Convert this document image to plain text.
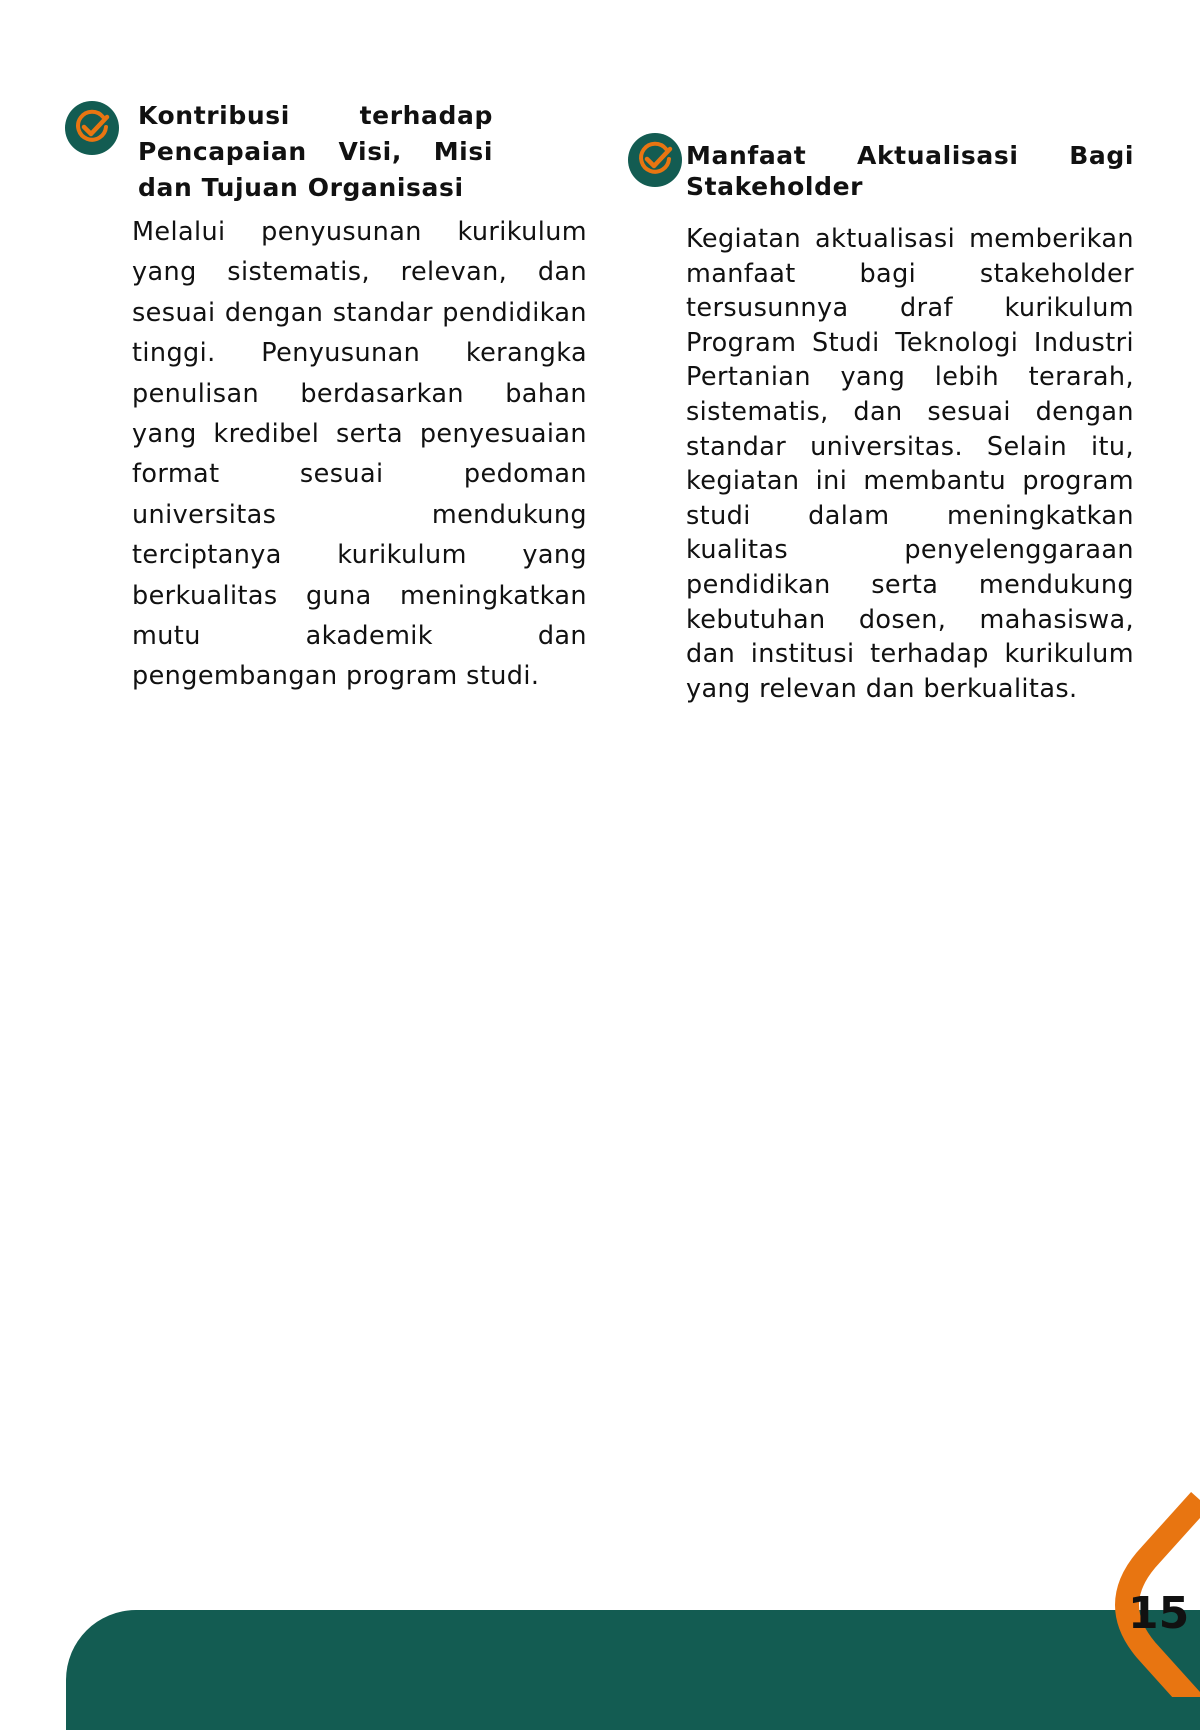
Kontribusi terhadap Pencapaian Visi, Misi dan Tujuan Organisasi

Melalui penyusunan kurikulum yang sistematis, relevan, dan sesuai dengan standar pendidikan tinggi. Penyusunan kerangka penulisan berdasarkan bahan yang kredibel serta penyesuaian format sesuai pedoman universitas mendukung terciptanya kurikulum yang berkualitas guna meningkatkan mutu akademik dan pengembangan program studi.

Manfaat Aktualisasi Bagi Stakeholder

Kegiatan aktualisasi memberikan manfaat bagi stakeholder tersusunnya draf kurikulum Program Studi Teknologi Industri Pertanian yang lebih terarah, sistematis, dan sesuai dengan standar universitas. Selain itu, kegiatan ini membantu program studi dalam meningkatkan kualitas penyelenggaraan pendidikan serta mendukung kebutuhan dosen, mahasiswa, dan institusi terhadap kurikulum yang relevan dan berkualitas.

15
